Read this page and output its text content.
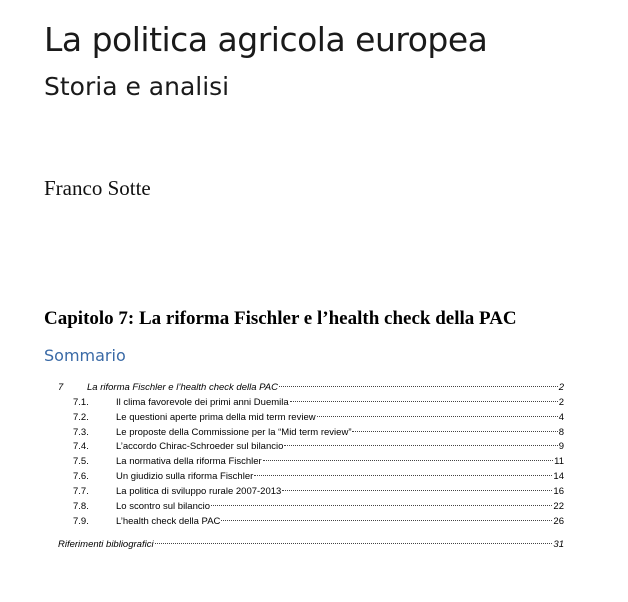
La politica agricola europea
Storia e analisi
Franco Sotte
Capitolo 7: La riforma Fischler e l’health check della PAC
Sommario
7	La riforma Fischler e l’health check della PAC	2
7.1.	Il clima favorevole dei primi anni Duemila	2
7.2.	Le questioni aperte prima della mid term review	4
7.3.	Le proposte della Commissione per la “Mid term review”	8
7.4.	L’accordo Chirac-Schroeder sul bilancio	9
7.5.	La normativa della riforma Fischler	11
7.6.	Un giudizio sulla riforma Fischler	14
7.7.	La politica di sviluppo rurale 2007-2013	16
7.8.	Lo scontro sul bilancio	22
7.9.	L’health check della PAC	26
Riferimenti bibliografici	31
